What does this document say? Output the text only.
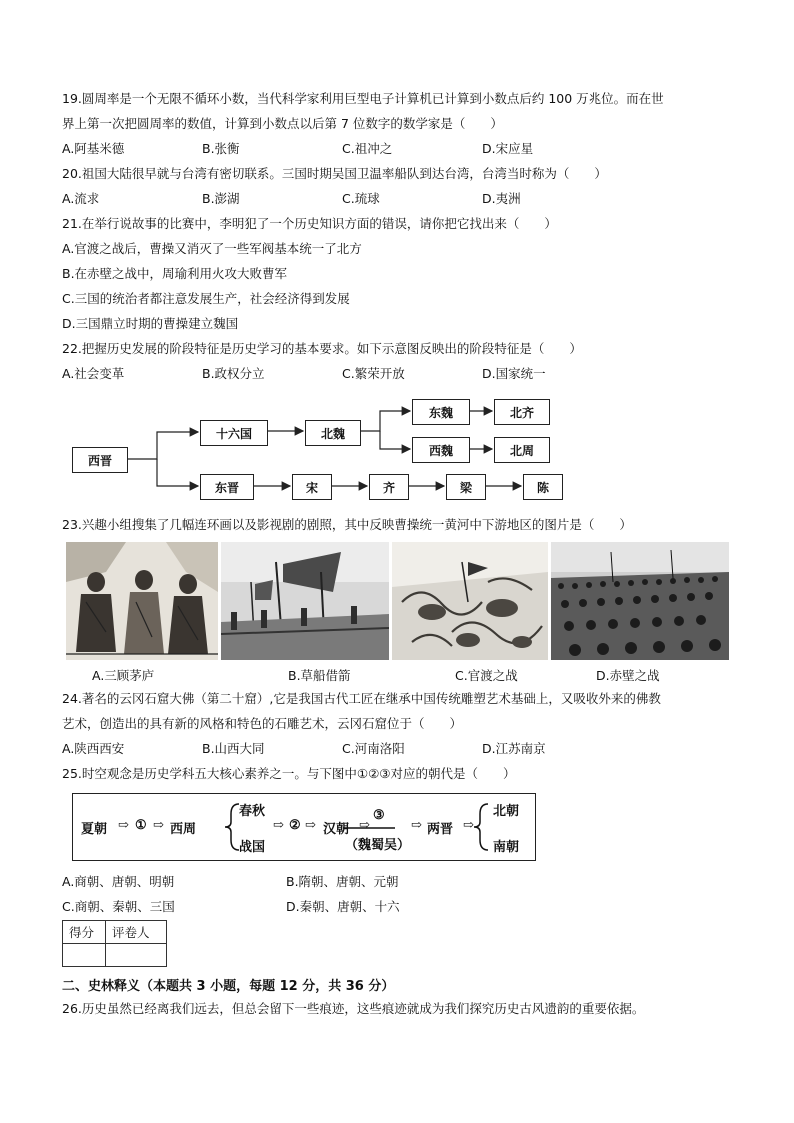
19.圆周率是一个无限不循环小数，当代科学家利用巨型电子计算机已计算到小数点后约 100 万兆位。而在世
界上第一次把圆周率的数值，计算到小数点以后第 7 位数字的数学家是（　　）
A.阿基米德	B.张衡	C.祖冲之	D.宋应星
20.祖国大陆很早就与台湾有密切联系。三国时期吴国卫温率船队到达台湾，台湾当时称为（　　）
A.流求	B.澎湖	C.琉球	D.夷洲
21.在举行说故事的比赛中，李明犯了一个历史知识方面的错误，请你把它找出来（　　）
A.官渡之战后，曹操又消灭了一些军阀基本统一了北方
B.在赤壁之战中，周瑜利用火攻大败曹军
C.三国的统治者都注意发展生产，社会经济得到发展
D.三国鼎立时期的曹操建立魏国
22.把握历史发展的阶段特征是历史学习的基本要求。如下示意图反映出的阶段特征是（　　）
A.社会变革	B.政权分立	C.繁荣开放	D.国家统一
西晋
十六国	北魏
东魏	北齐
西魏	北周
东晋	宋	齐	梁	陈
23.兴趣小组搜集了几幅连环画以及影视剧的剧照，其中反映曹操统一黄河中下游地区的图片是（　　）
A.三顾茅庐	B.草船借箭	C.官渡之战	D.赤壁之战
24.著名的云冈石窟大佛（第二十窟）,它是我国古代工匠在继承中国传统雕塑艺术基础上，又吸收外来的佛教
艺术，创造出的具有新的风格和特色的石雕艺术，云冈石窟位于（　　）
A.陕西西安	B.山西大同	C.河南洛阳	D.江苏南京
25.时空观念是历史学科五大核心素养之一。与下图中①②③对应的朝代是（　　）
夏朝 ⇨ ① ⇨ 西周
春秋
战国
⇨ ② ⇨ 汉朝 ⇨
③
（魏蜀吴）
⇨ 两晋 ⇨
北朝
南朝
A.商朝、唐朝、明朝	B.隋朝、唐朝、元朝
C.商朝、秦朝、三国	D.秦朝、唐朝、十六
得分	评卷人

二、史林释义（本题共 3 小题，每题 12 分，共 36 分）
26.历史虽然已经离我们远去，但总会留下一些痕迹，这些痕迹就成为我们探究历史古风遗韵的重要依据。
